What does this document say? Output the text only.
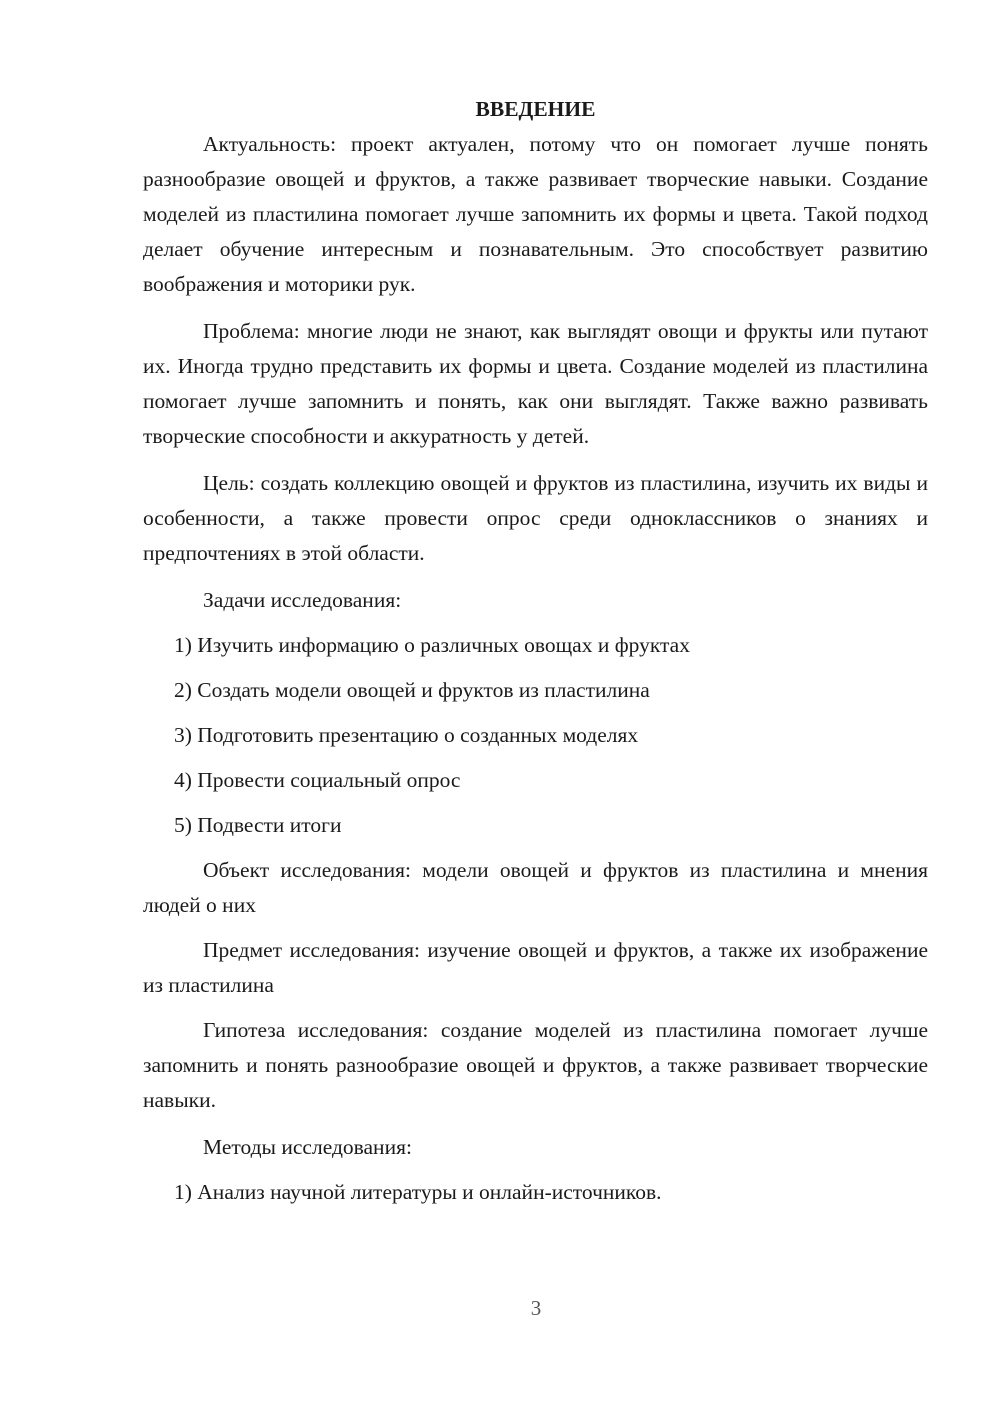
ВВЕДЕНИЕ

Актуальность: проект актуален, потому что он помогает лучше понять разнообразие овощей и фруктов, а также развивает творческие навыки. Создание моделей из пластилина помогает лучше запомнить их формы и цвета. Такой подход делает обучение интересным и познавательным. Это способствует развитию воображения и моторики рук.

Проблема: многие люди не знают, как выглядят овощи и фрукты или путают их. Иногда трудно представить их формы и цвета. Создание моделей из пластилина помогает лучше запомнить и понять, как они выглядят. Также важно развивать творческие способности и аккуратность у детей.

Цель: создать коллекцию овощей и фруктов из пластилина, изучить их виды и особенности, а также провести опрос среди одноклассников о знаниях и предпочтениях в этой области.

Задачи исследования:

1) Изучить информацию о различных овощах и фруктах
2) Создать модели овощей и фруктов из пластилина
3) Подготовить презентацию о созданных моделях
4) Провести социальный опрос
5) Подвести итоги

Объект исследования: модели овощей и фруктов из пластилина и мнения людей о них

Предмет исследования: изучение овощей и фруктов, а также их изображение из пластилина

Гипотеза исследования: создание моделей из пластилина помогает лучше запомнить и понять разнообразие овощей и фруктов, а также развивает творческие навыки.

Методы исследования:

1) Анализ научной литературы и онлайн-источников.
3
